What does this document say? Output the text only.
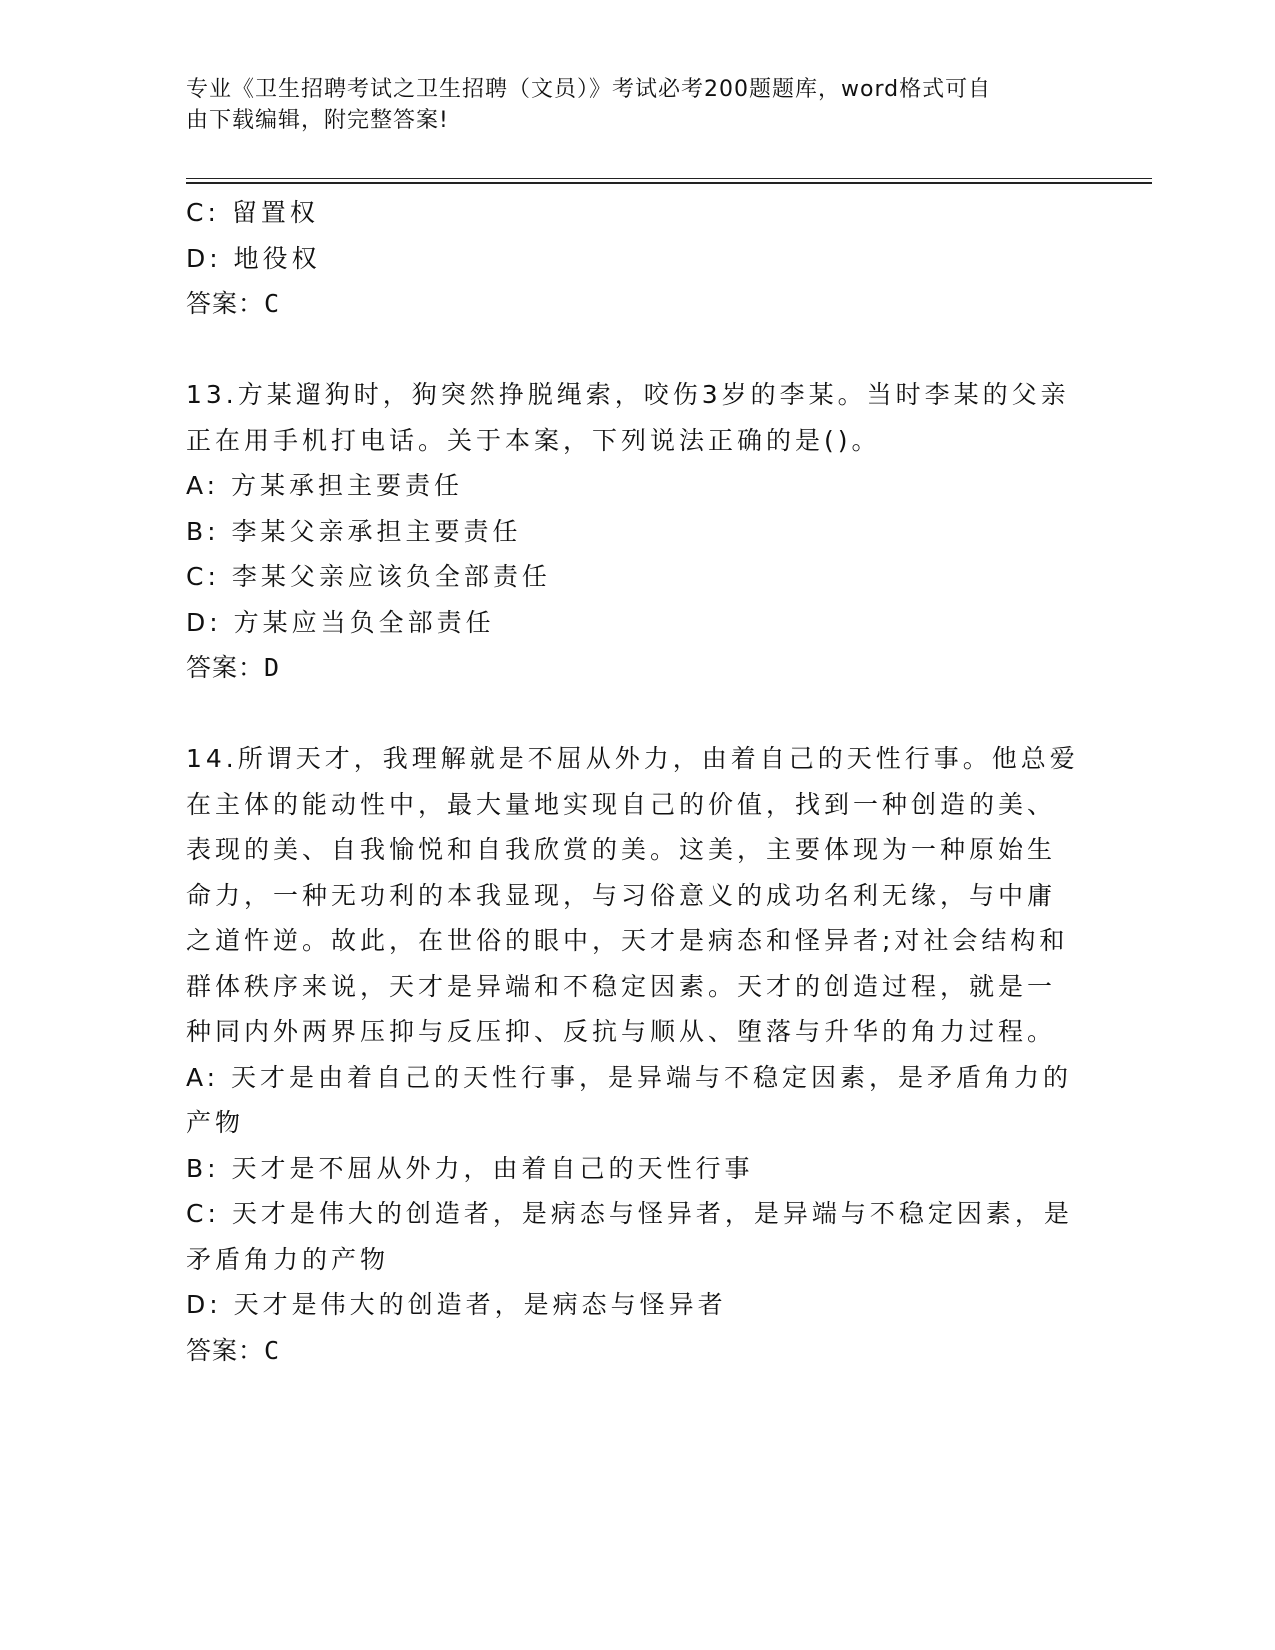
专业《卫生招聘考试之卫生招聘（文员）》考试必考200题题库，word格式可自
由下载编辑，附完整答案!
C: 留置权
D: 地役权
答案：C
13.方某遛狗时，狗突然挣脱绳索，咬伤3岁的李某。当时李某的父亲
正在用手机打电话。关于本案，下列说法正确的是()。
A: 方某承担主要责任
B: 李某父亲承担主要责任
C: 李某父亲应该负全部责任
D: 方某应当负全部责任
答案：D
14.所谓天才，我理解就是不屈从外力，由着自己的天性行事。他总爱
在主体的能动性中，最大量地实现自己的价值，找到一种创造的美、
表现的美、自我愉悦和自我欣赏的美。这美，主要体现为一种原始生
命力，一种无功利的本我显现，与习俗意义的成功名利无缘，与中庸
之道忤逆。故此，在世俗的眼中，天才是病态和怪异者;对社会结构和
群体秩序来说，天才是异端和不稳定因素。天才的创造过程，就是一
种同内外两界压抑与反压抑、反抗与顺从、堕落与升华的角力过程。
A: 天才是由着自己的天性行事，是异端与不稳定因素，是矛盾角力的
产物
B: 天才是不屈从外力，由着自己的天性行事
C: 天才是伟大的创造者，是病态与怪异者，是异端与不稳定因素，是
矛盾角力的产物
D: 天才是伟大的创造者，是病态与怪异者
答案：C
